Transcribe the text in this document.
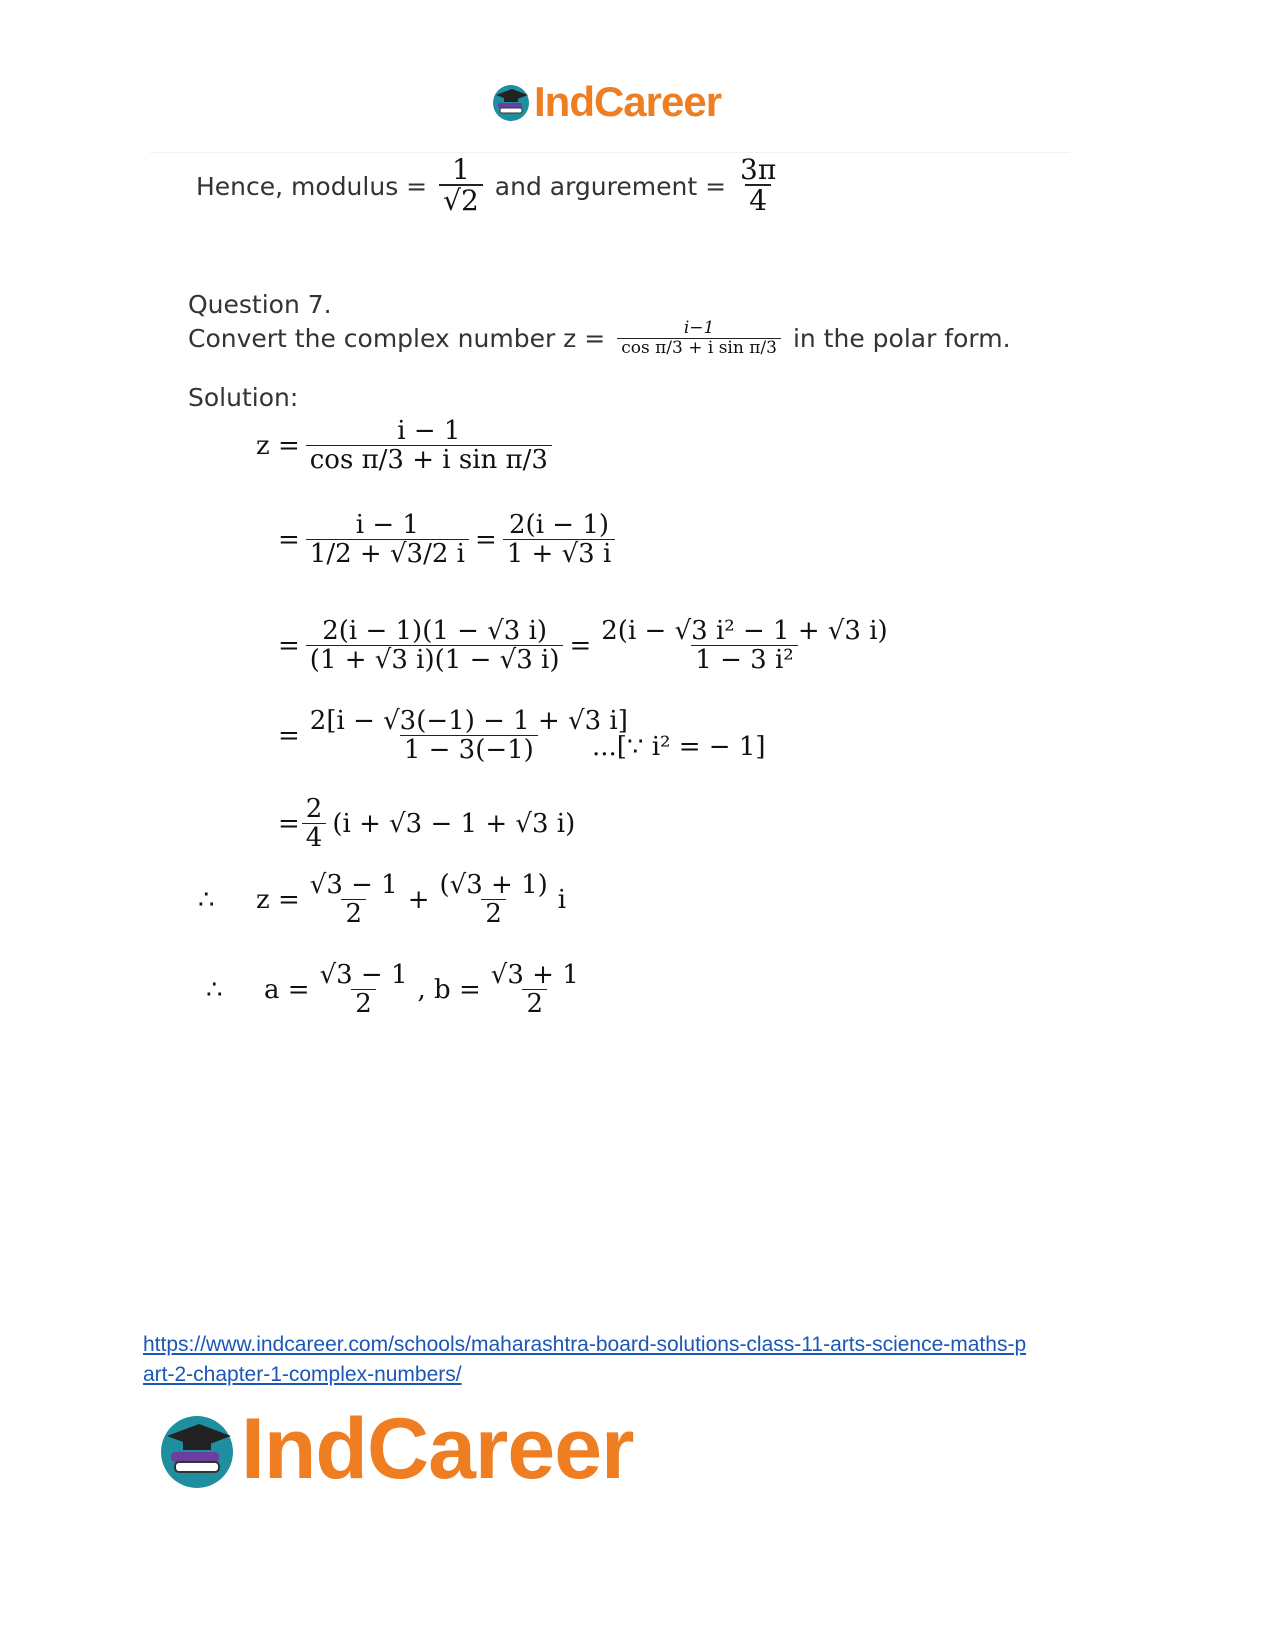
IndCareer
Hence, modulus = $\frac{1}{√2}$ and argurement = $\frac{3\pi}{4}$
Question 7.
Convert the complex number $z = \frac{i-1}{\text{cos π/3 + i sin π/3}}$ in the polar form.
Solution:
$z = \frac{i - 1}{\text{cos π/3 + i sin π/3}}$
= $\frac{i - 1}{1/2 + √3/2 i} = \frac{2(i - 1)}{1 + √3 i}$
= $\frac{2(i - 1)(1 - √3 i)}{(1 + √3 i)(1 - √3 i)} = \frac{\text{2(i − √3 i² − 1 + √3 i)}}{\text{1 − 3 i²}}$
= $\frac{2[i - √3(-1) - 1 + √3 i]}{1 - 3(-1)}$
...[∵ i² = − 1]
= $\frac{2}{4} (i + √3 - 1 + √3$ i)
∴	$z = \frac{√3 - 1}{2} + \frac{(√3 + 1)}{2}$ i
∴	$a = \frac{√3 - 1}{2}$ , $b = \frac{√3 + 1}{2}$
https://www.indcareer.com/schools/maharashtra-board-solutions-class-11-arts-science-maths-p
art-2-chapter-1-complex-numbers/
IndCareer
